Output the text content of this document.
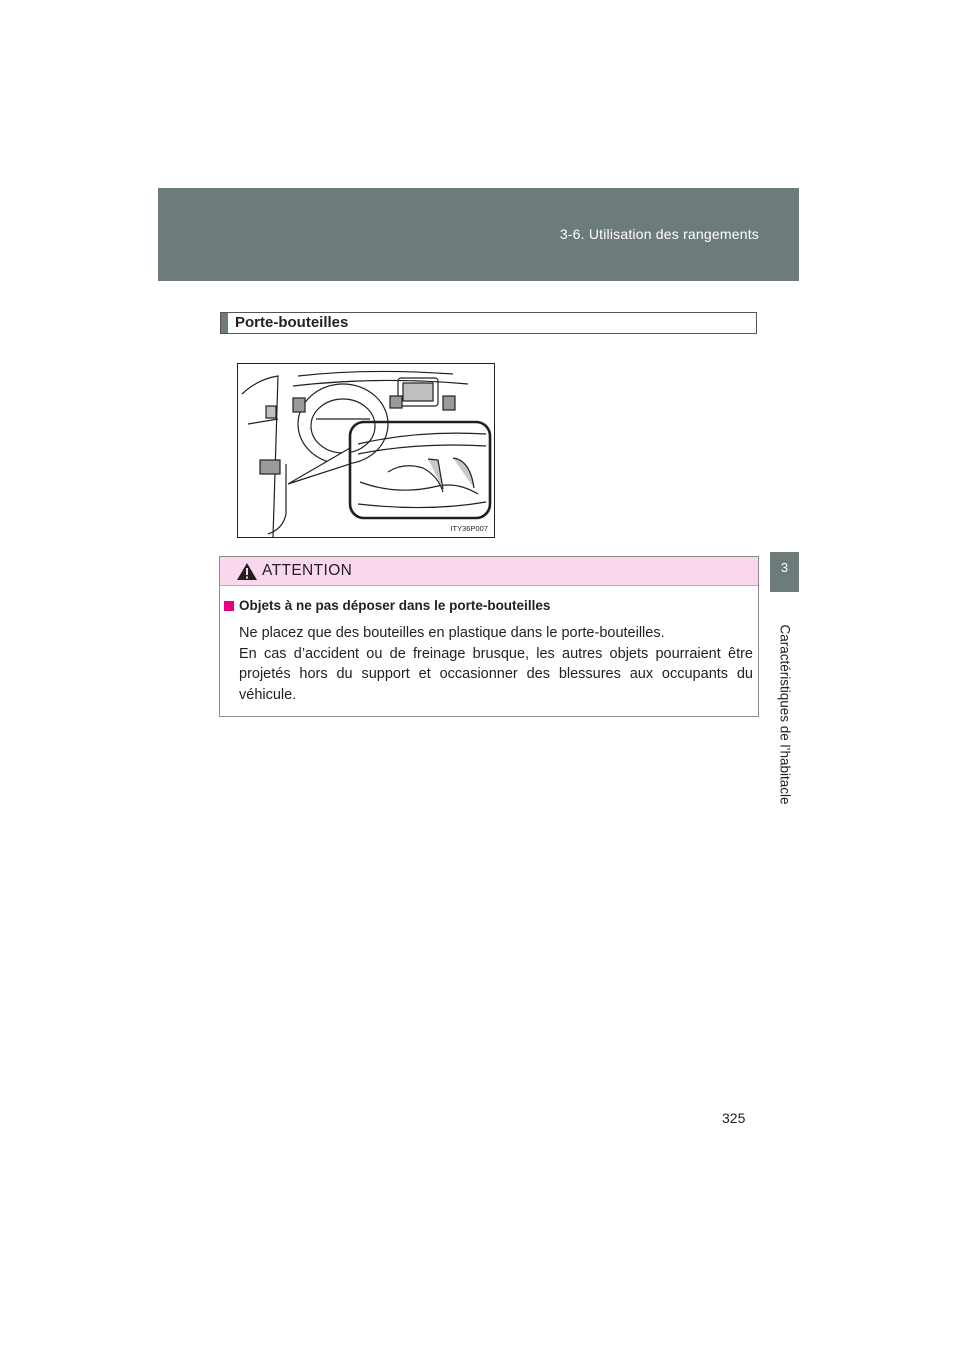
3-6. Utilisation des rangements
3
Caractéristiques de l’habitacle
Porte-bouteilles
ITY36P007
ATTENTION
Objets à ne pas déposer dans le porte-bouteilles

Ne placez que des bouteilles en plastique dans le porte-bouteilles.

En cas d’accident ou de freinage brusque, les autres objets pourraient être projetés hors du support et occasionner des blessures aux occupants du véhicule.

325
